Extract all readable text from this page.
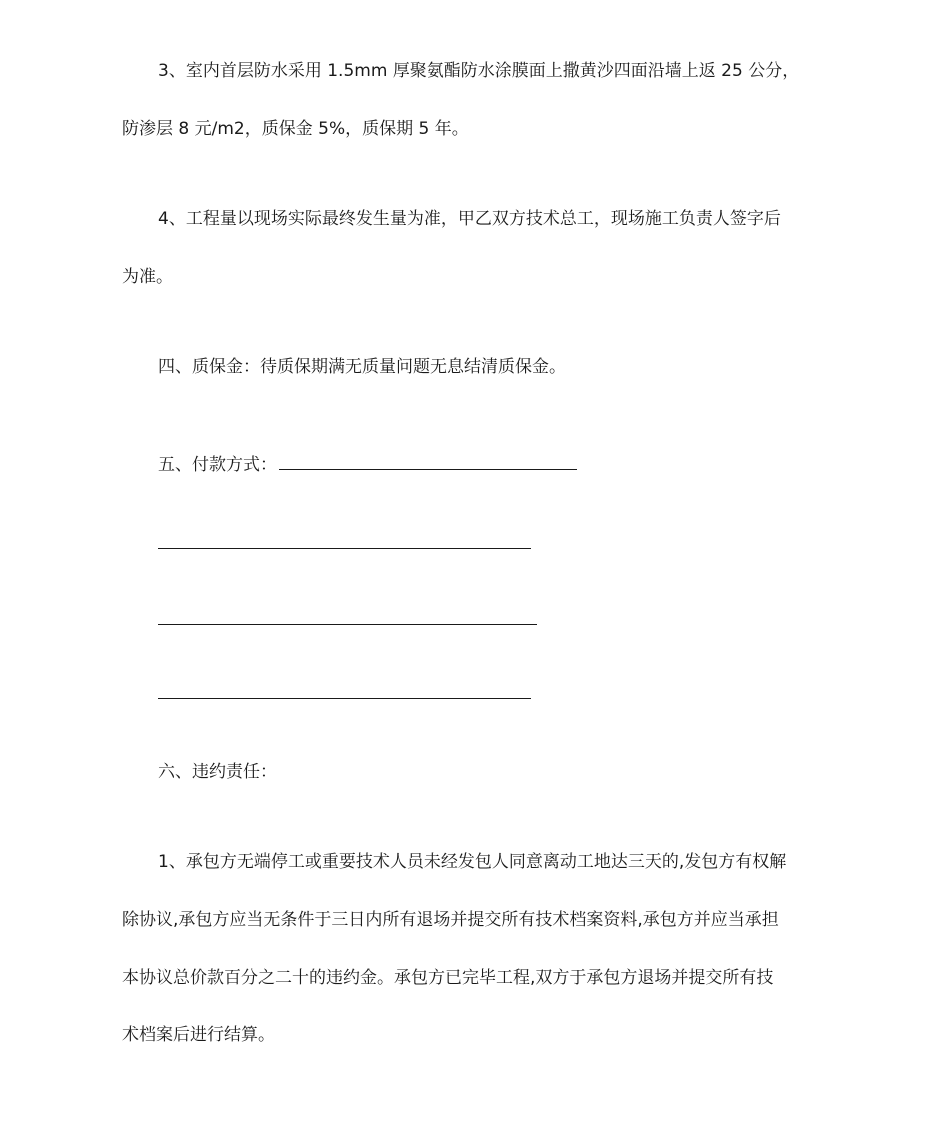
3、室内首层防水采用 1.5mm 厚聚氨酯防水涂膜面上撒黄沙四面沿墙上返 25 公分，
防渗层 8 元/m2，质保金 5%，质保期 5 年。
4、工程量以现场实际最终发生量为准，甲乙双方技术总工，现场施工负责人签字后
为准。
四、质保金：待质保期满无质量问题无息结清质保金。
五、付款方式：
六、违约责任：
1、承包方无端停工或重要技术人员未经发包人同意离动工地达三天的,发包方有权解
除协议,承包方应当无条件于三日内所有退场并提交所有技术档案资料,承包方并应当承担
本协议总价款百分之二十的违约金。承包方已完毕工程,双方于承包方退场并提交所有技
术档案后进行结算。
